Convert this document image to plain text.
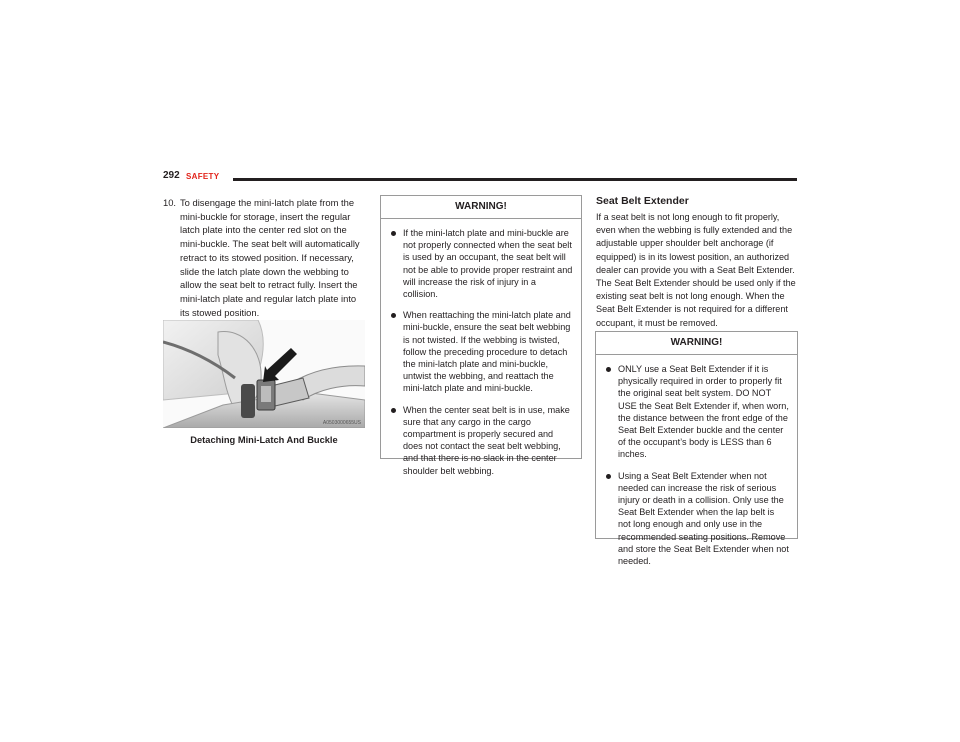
292 SAFETY
10. To disengage the mini-latch plate from the mini-buckle for storage, insert the regular latch plate into the center red slot on the mini-buckle. The seat belt will automatically retract to its stowed position. If necessary, slide the latch plate down the webbing to allow the seat belt to retract fully. Insert the mini-latch plate and regular latch plate into its stowed position.
A0503000655US
Detaching Mini-Latch And Buckle
WARNING!
If the mini-latch plate and mini-buckle are not properly connected when the seat belt is used by an occupant, the seat belt will not be able to provide proper restraint and will increase the risk of injury in a collision.
When reattaching the mini-latch plate and mini-buckle, ensure the seat belt webbing is not twisted. If the webbing is twisted, follow the preceding procedure to detach the mini-latch plate and mini-buckle, untwist the webbing, and reattach the mini-latch plate and mini-buckle.
When the center seat belt is in use, make sure that any cargo in the cargo compartment is properly secured and does not contact the seat belt webbing, and that there is no slack in the center shoulder belt webbing.
Seat Belt Extender
If a seat belt is not long enough to fit properly, even when the webbing is fully extended and the adjustable upper shoulder belt anchorage (if equipped) is in its lowest position, an authorized dealer can provide you with a Seat Belt Extender. The Seat Belt Extender should be used only if the existing seat belt is not long enough. When the Seat Belt Extender is not required for a different occupant, it must be removed.
WARNING!
ONLY use a Seat Belt Extender if it is physically required in order to properly fit the original seat belt system. DO NOT USE the Seat Belt Extender if, when worn, the distance between the front edge of the Seat Belt Extender buckle and the center of the occupant’s body is LESS than 6 inches.
Using a Seat Belt Extender when not needed can increase the risk of serious injury or death in a collision. Only use the Seat Belt Extender when the lap belt is not long enough and only use in the recommended seating positions. Remove and store the Seat Belt Extender when not needed.
